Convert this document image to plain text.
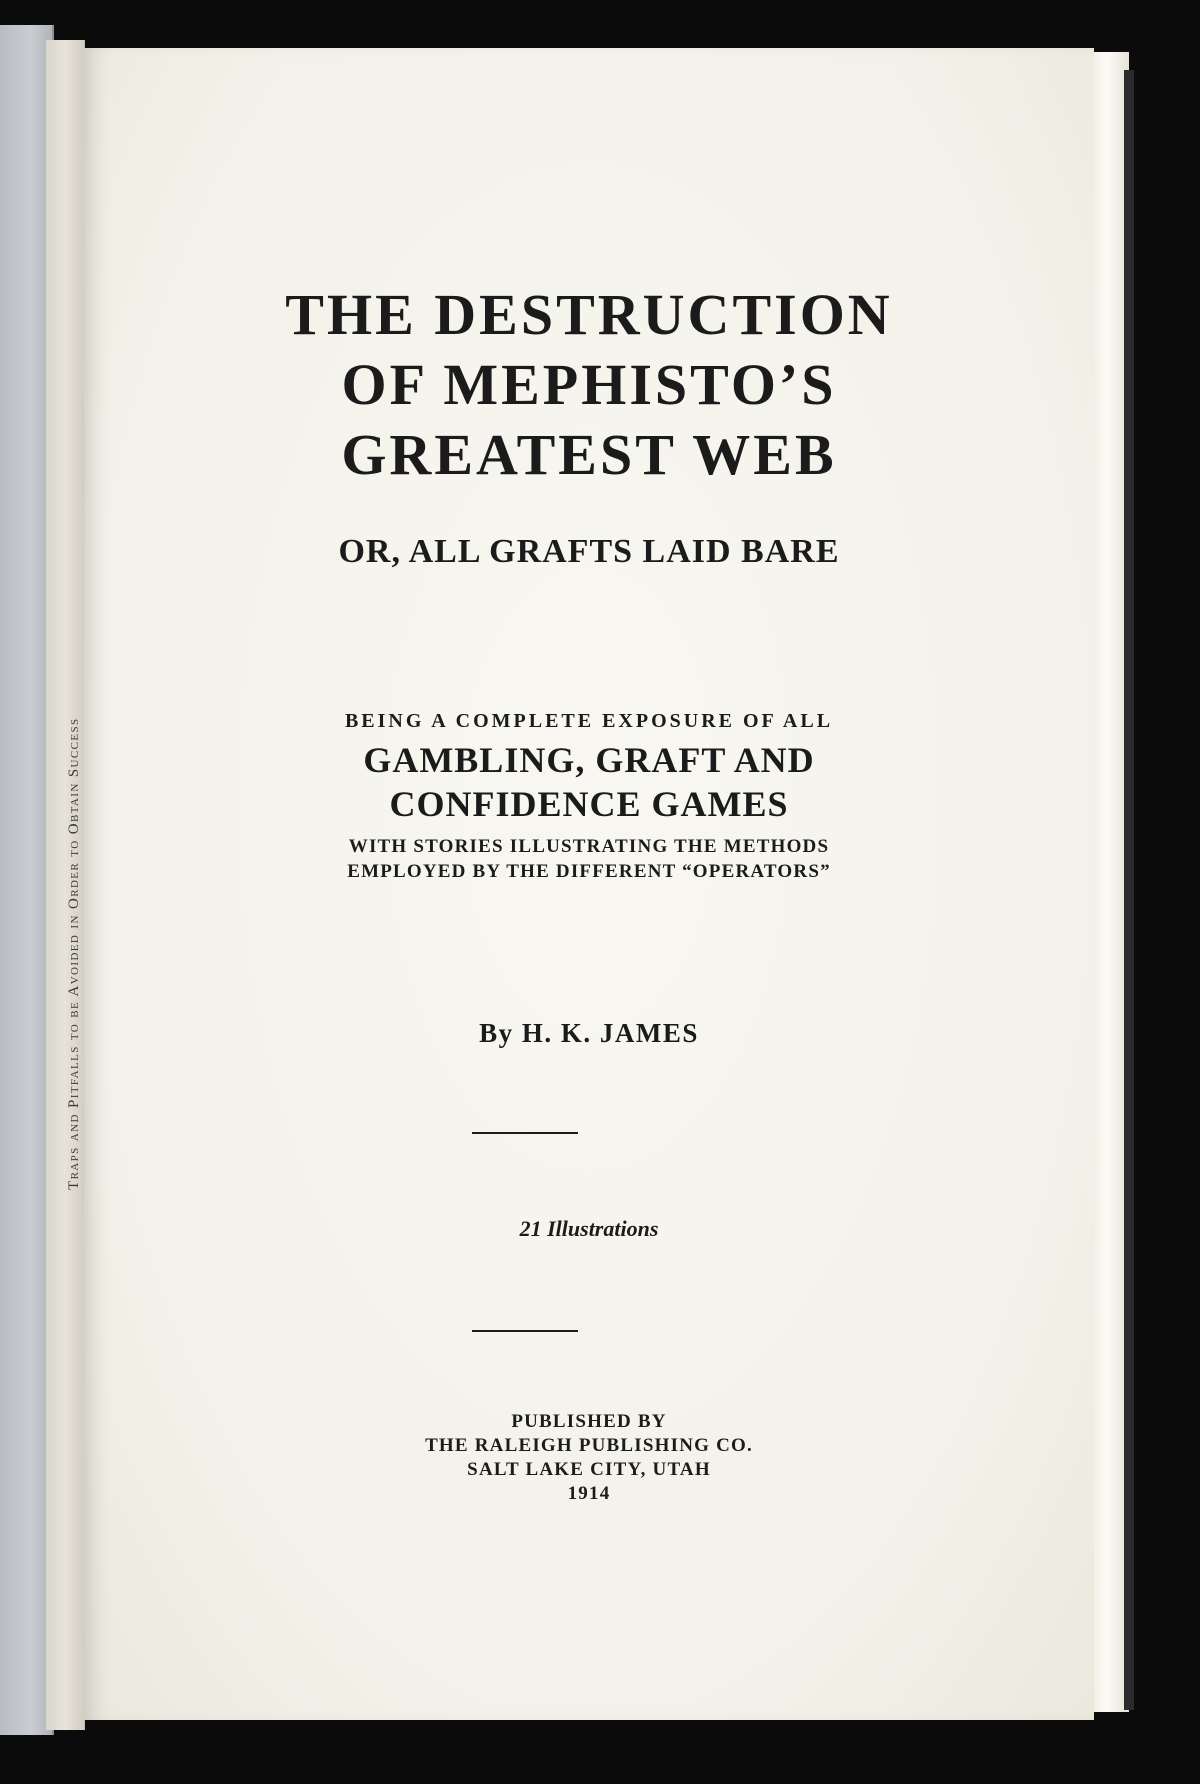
Traps and Pitfalls to be Avoided in Order to Obtain Success
THE DESTRUCTION
OF MEPHISTO’S
GREATEST WEB
OR, ALL GRAFTS LAID BARE
BEING A COMPLETE EXPOSURE OF ALL
GAMBLING, GRAFT AND
CONFIDENCE GAMES
WITH STORIES ILLUSTRATING THE METHODS
EMPLOYED BY THE DIFFERENT “OPERATORS”
By H. K. JAMES
21 Illustrations
PUBLISHED BY
THE RALEIGH PUBLISHING CO.
SALT LAKE CITY, UTAH
1914
